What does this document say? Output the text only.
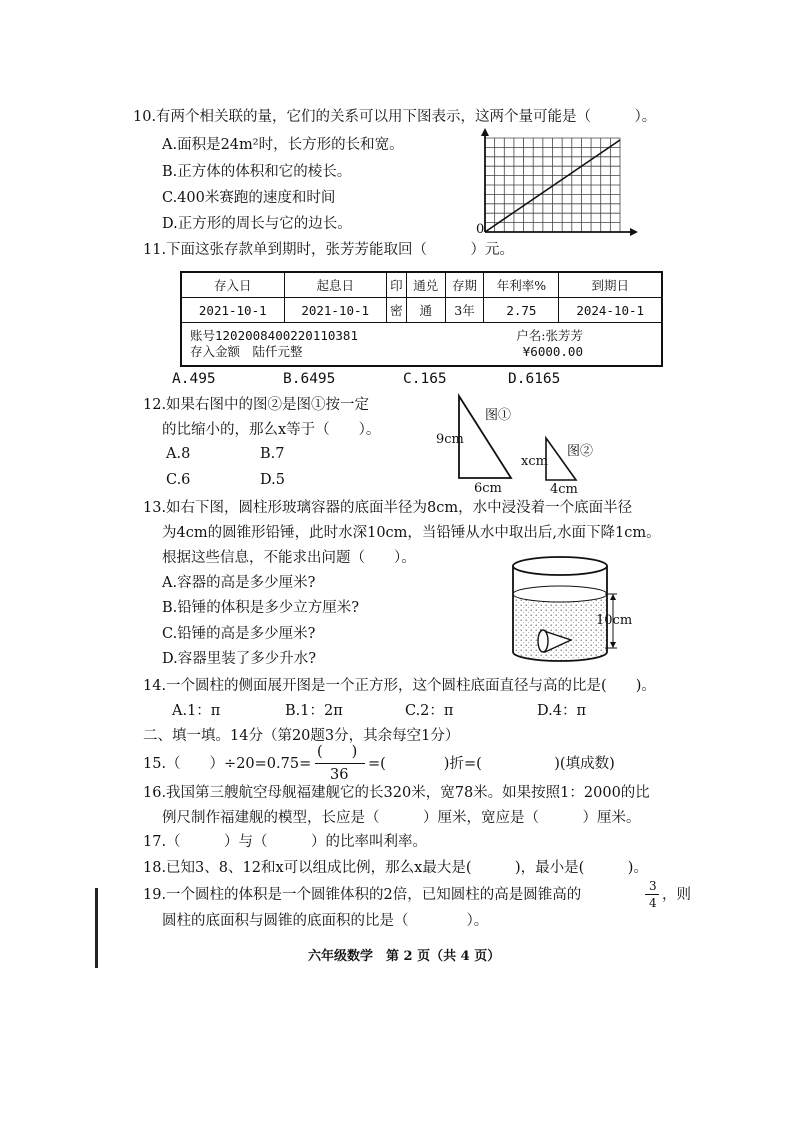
10.有两个相关联的量，它们的关系可以用下图表示，这两个量可能是（　　　）。
A.面积是24m²时，长方形的长和宽。
B.正方体的体积和它的棱长。
C.400米赛跑的速度和时间
D.正方形的周长与它的边长。	0
11.下面这张存款单到期时，张芳芳能取回（　　　）元。
存入日	起息日	印	通兑	存期	年利率%	到期日
2021-10-1	2021-10-1	密	通	3年	2.75	2024-10-1

账号1202008400220110381 户名:张芳芳
存入金额　陆仟元整 ¥6000.00						
A.495	B.6495	C.165	D.6165
12.如果右图中的图②是图①按一定
的比缩小的，那么x等于（　　）。
A.8	B.7
C.6	D.5
图①
9cm
6cm
图②
xcm
4cm
13.如右下图，圆柱形玻璃容器的底面半径为8cm，水中浸没着一个底面半径
为4cm的圆锥形铅锤，此时水深10cm，当铅锤从水中取出后,水面下降1cm。
根据这些信息，不能求出问题（　　）。
A.容器的高是多少厘米?
B.铅锤的体积是多少立方厘米?
C.铅锤的高是多少厘米?
D.容器里装了多少升水?
10cm
14.一个圆柱的侧面展开图是一个正方形，这个圆柱底面直径与高的比是(　　)。
A.1：π	B.1：2π	C.2：π	D.4：π
二、填一填。14分（第20题3分，其余每空1分）
15.（　　）÷20=0.75=
(　　)
36
=(　　　　)折=(　　　　　)(填成数)
16.我国第三艘航空母舰福建舰它的长320米，宽78米。如果按照1：2000的比
例尺制作福建舰的模型，长应是（　　　）厘米，宽应是（　　　）厘米。
17.（　　　）与（　　　）的比率叫利率。
18.已知3、8、12和x可以组成比例，那么x最大是(　　　)，最小是(　　　)。
19.一个圆柱的体积是一个圆锥体积的2倍，已知圆柱的高是圆锥高的
3
4 ，则
圆柱的底面积与圆锥的底面积的比是（　　　　）。
六年级数学　第 2 页（共 4 页）
